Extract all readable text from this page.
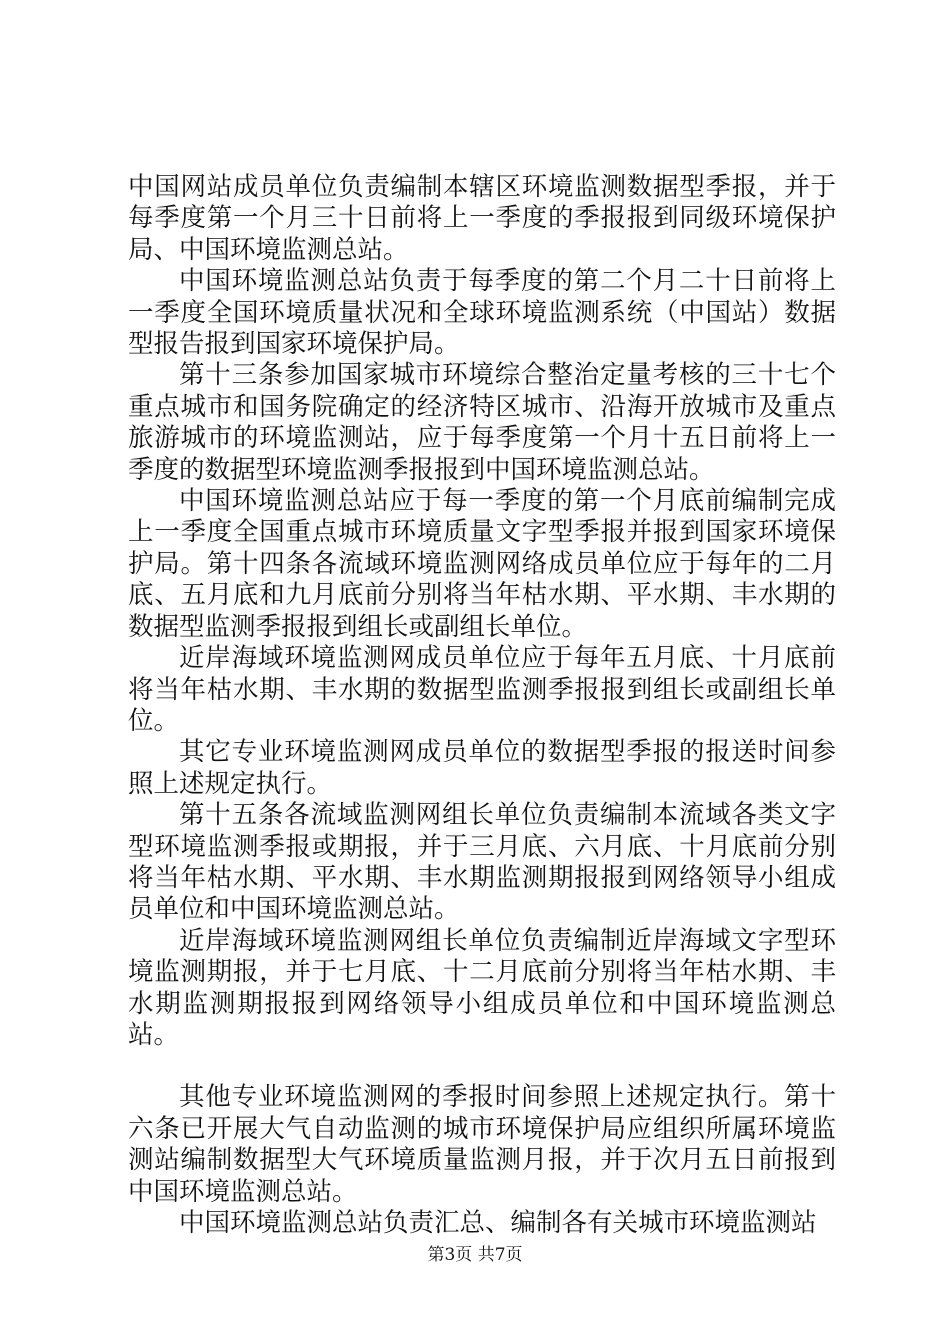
中国网站成员单位负责编制本辖区环境监测数据型季报，并于每季度第一个月三十日前将上一季度的季报报到同级环境保护局、中国环境监测总站。

中国环境监测总站负责于每季度的第二个月二十日前将上一季度全国环境质量状况和全球环境监测系统（中国站）数据型报告报到国家环境保护局。

第十三条参加国家城市环境综合整治定量考核的三十七个重点城市和国务院确定的经济特区城市、沿海开放城市及重点旅游城市的环境监测站，应于每季度第一个月十五日前将上一季度的数据型环境监测季报报到中国环境监测总站。

中国环境监测总站应于每一季度的第一个月底前编制完成上一季度全国重点城市环境质量文字型季报并报到国家环境保护局。第十四条各流域环境监测网络成员单位应于每年的二月底、五月底和九月底前分别将当年枯水期、平水期、丰水期的数据型监测季报报到组长或副组长单位。

近岸海域环境监测网成员单位应于每年五月底、十月底前将当年枯水期、丰水期的数据型监测季报报到组长或副组长单位。

其它专业环境监测网成员单位的数据型季报的报送时间参照上述规定执行。

第十五条各流域监测网组长单位负责编制本流域各类文字型环境监测季报或期报，并于三月底、六月底、十月底前分别将当年枯水期、平水期、丰水期监测期报报到网络领导小组成员单位和中国环境监测总站。

近岸海域环境监测网组长单位负责编制近岸海域文字型环境监测期报，并于七月底、十二月底前分别将当年枯水期、丰水期监测期报报到网络领导小组成员单位和中国环境监测总站。

其他专业环境监测网的季报时间参照上述规定执行。第十六条已开展大气自动监测的城市环境保护局应组织所属环境监测站编制数据型大气环境质量监测月报，并于次月五日前报到中国环境监测总站。

中国环境监测总站负责汇总、编制各有关城市环境监测站

第3页 共7页
